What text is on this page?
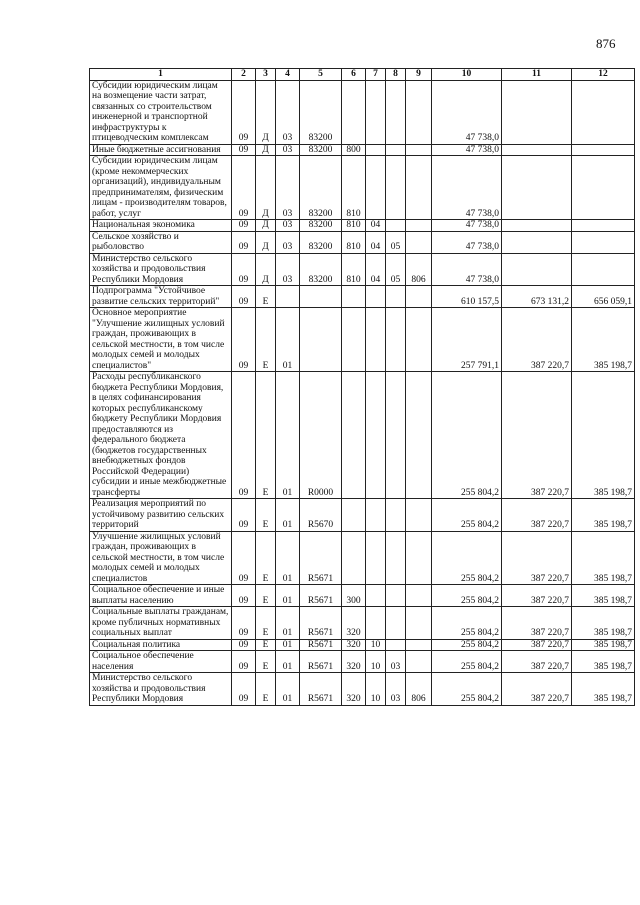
876
1	2	3	4	5	6	7	8	9	10	11	12
Субсидии юридическим лицам на возмещение части затрат, связанных со строительством инженерной и транспортной инфраструктуры к птицеводческим комплексам	09	Д	03	83200					47 738,0		
Иные бюджетные ассигнования	09	Д	03	83200	800				47 738,0		
Субсидии юридическим лицам (кроме некоммерческих организаций), индивидуальным предпринимателям, физическим лицам - производителям товаров, работ, услуг	09	Д	03	83200	810				47 738,0		
Национальная экономика	09	Д	03	83200	810	04			47 738,0		
Сельское хозяйство и рыболовство	09	Д	03	83200	810	04	05		47 738,0		
Министерство сельского хозяйства и продовольствия Республики Мордовия	09	Д	03	83200	810	04	05	806	47 738,0		
Подпрограмма "Устойчивое развитие сельских территорий"	09	Е							610 157,5	673 131,2	656 059,1
Основное мероприятие "Улучшение жилищных условий граждан, проживающих в сельской местности, в том числе молодых семей и молодых специалистов"	09	Е	01						257 791,1	387 220,7	385 198,7
Расходы республиканского бюджета Республики Мордовия, в целях софинансирования которых республиканскому бюджету Республики Мордовия предоставляются из федерального бюджета (бюджетов государственных внебюджетных фондов Российской Федерации) субсидии и иные межбюджетные трансферты	09	Е	01	R0000					255 804,2	387 220,7	385 198,7
Реализация мероприятий по устойчивому развитию сельских территорий	09	Е	01	R5670					255 804,2	387 220,7	385 198,7
Улучшение жилищных условий граждан, проживающих в сельской местности, в том числе молодых семей и молодых специалистов	09	Е	01	R5671					255 804,2	387 220,7	385 198,7
Социальное обеспечение и иные выплаты населению	09	Е	01	R5671	300				255 804,2	387 220,7	385 198,7
Социальные выплаты гражданам, кроме публичных нормативных социальных выплат	09	Е	01	R5671	320				255 804,2	387 220,7	385 198,7
Социальная политика	09	Е	01	R5671	320	10			255 804,2	387 220,7	385 198,7
Социальное обеспечение населения	09	Е	01	R5671	320	10	03		255 804,2	387 220,7	385 198,7
Министерство сельского хозяйства и продовольствия Республики Мордовия	09	Е	01	R5671	320	10	03	806	255 804,2	387 220,7	385 198,7
